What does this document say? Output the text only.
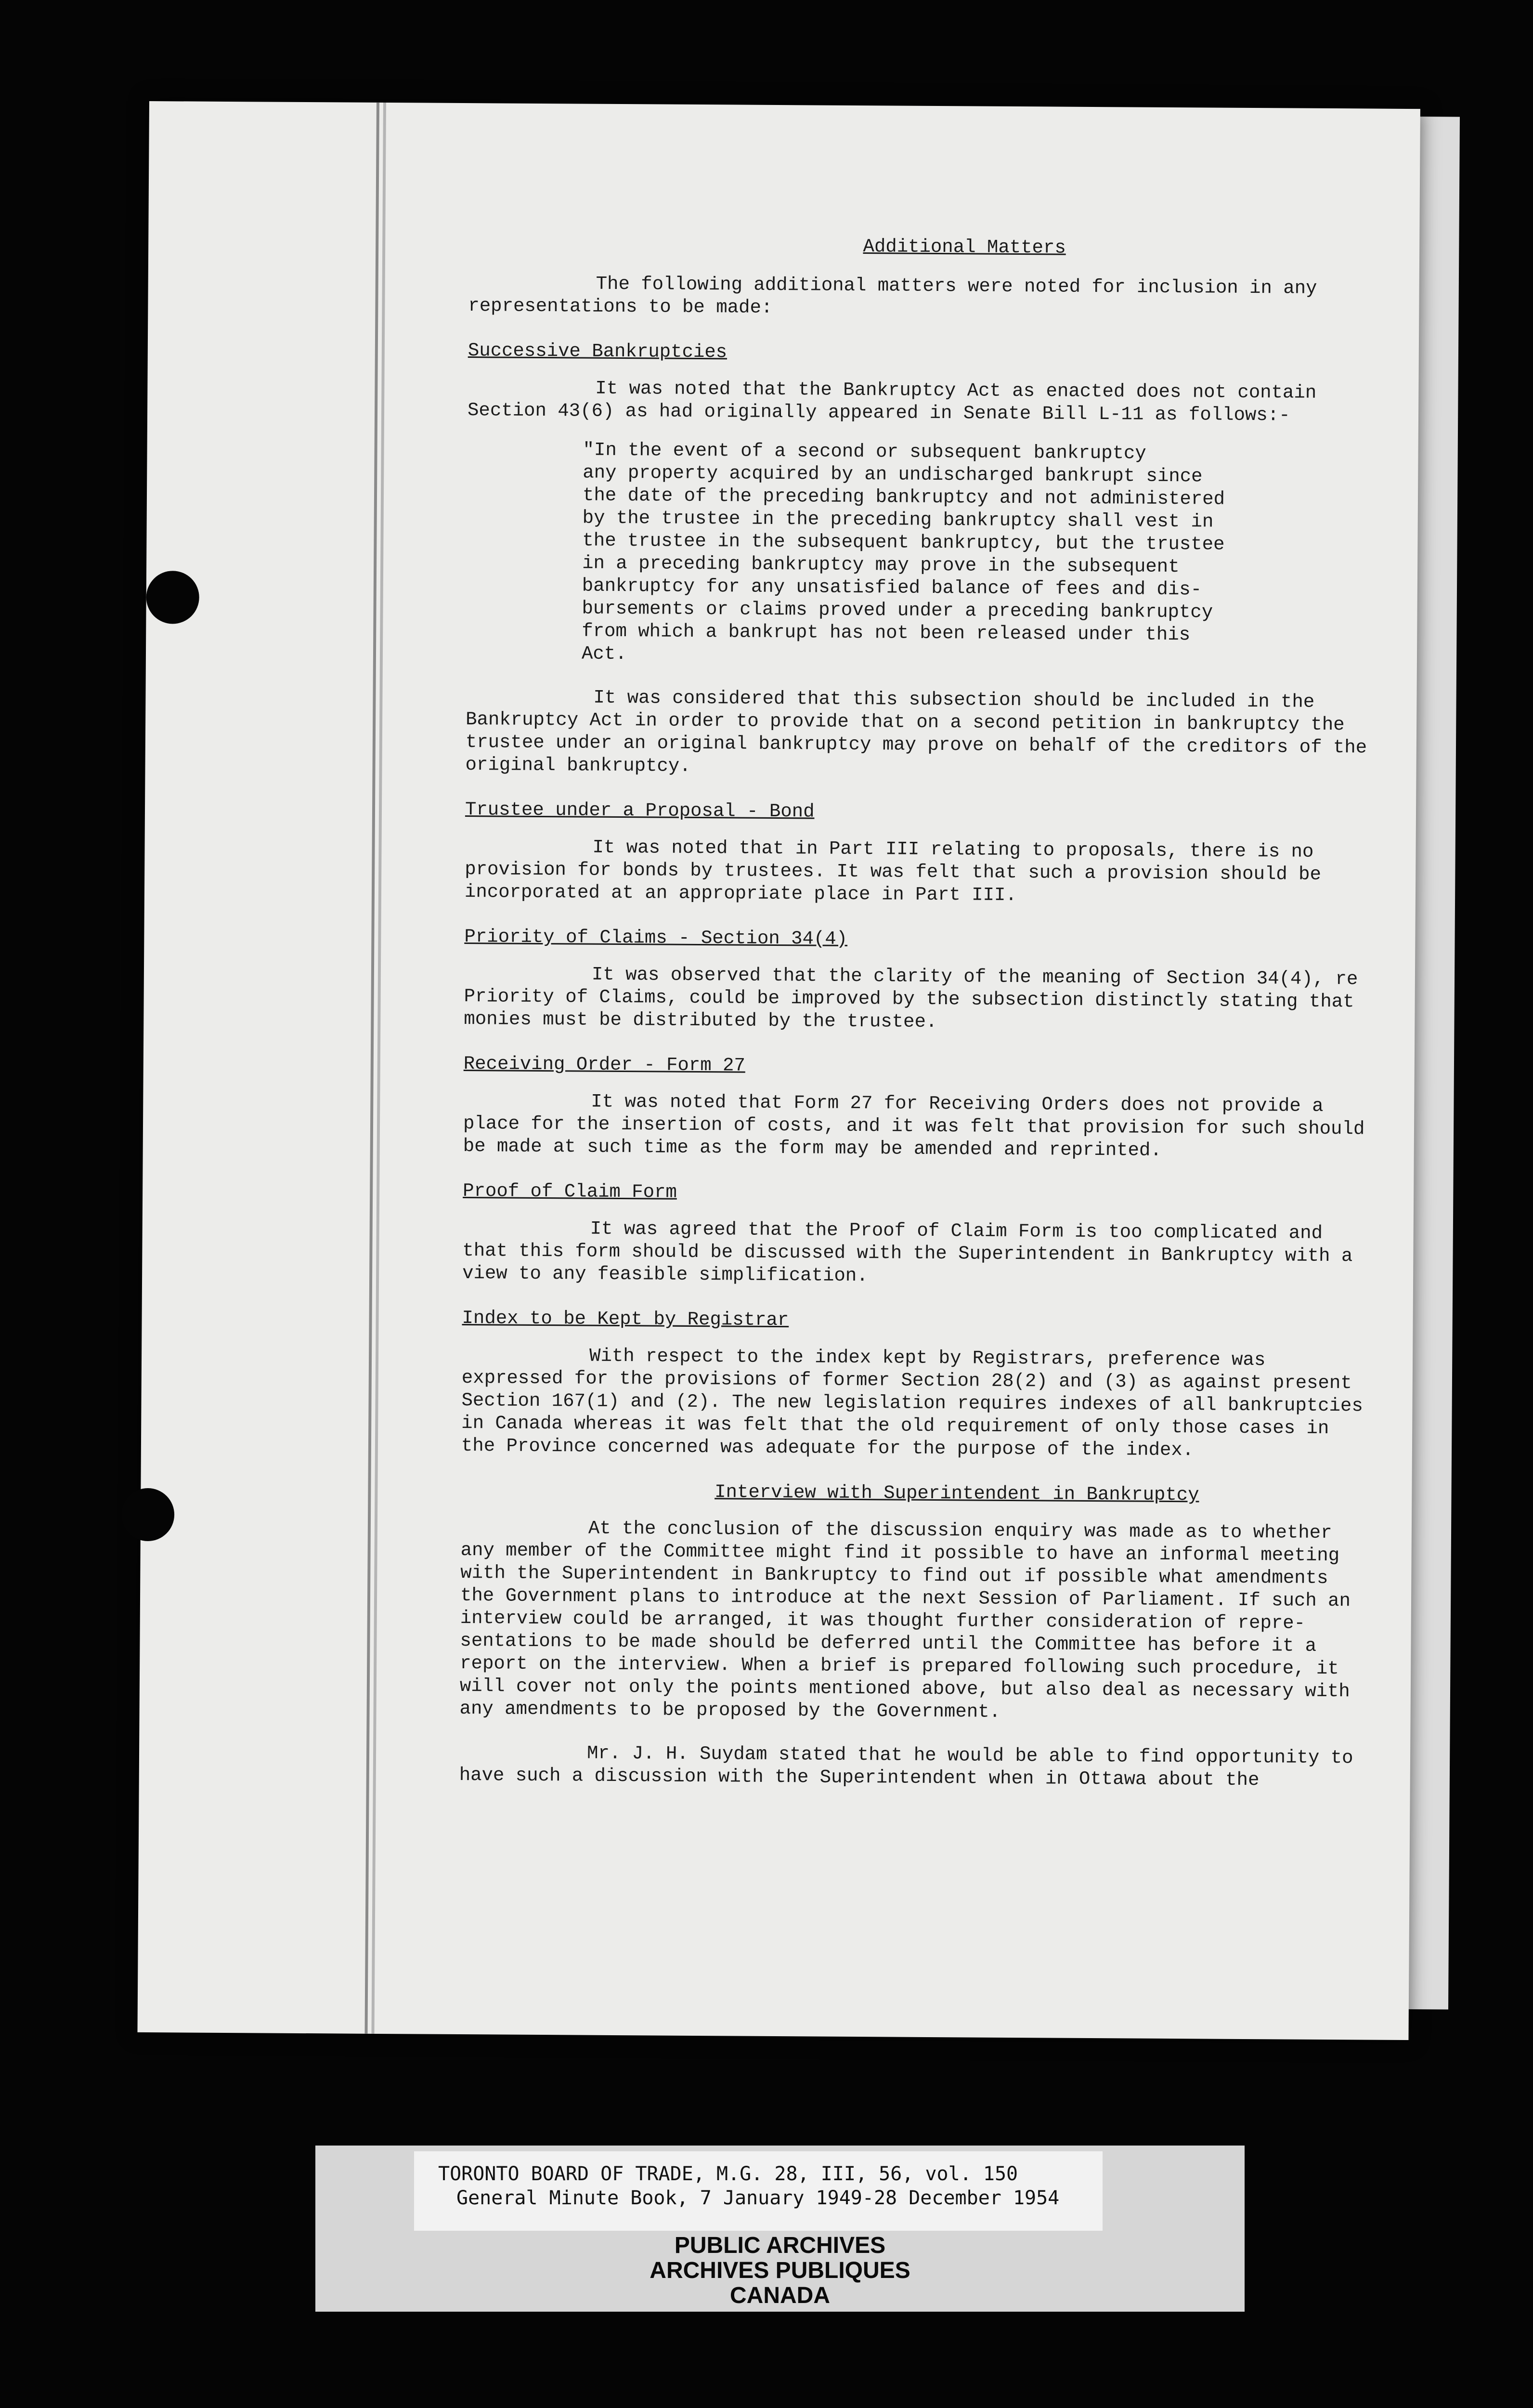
Additional Matters

The following additional matters were noted for inclusion in any representations to be made:

Successive Bankruptcies

It was noted that the Bankruptcy Act as enacted does not contain Section 43(6) as had originally appeared in Senate Bill L-11 as follows:-

"In the event of a second or subsequent bankruptcy

any property acquired by an undischarged bankrupt since

the date of the preceding bankruptcy and not administered

by the trustee in the preceding bankruptcy shall vest in

the trustee in the subsequent bankruptcy, but the trustee

in a preceding bankruptcy may prove in the subsequent

bankruptcy for any unsatisfied balance of fees and dis-

bursements or claims proved under a preceding bankruptcy

from which a bankrupt has not been released under this

Act.

It was considered that this subsection should be included in the Bankruptcy Act in order to provide that on a second petition in bankruptcy the trustee under an original bankruptcy may prove on behalf of the creditors of the original bankruptcy.

Trustee under a Proposal - Bond

It was noted that in Part III relating to proposals, there is no provision for bonds by trustees. It was felt that such a provision should be incorporated at an appropriate place in Part III.

Priority of Claims - Section 34(4)

It was observed that the clarity of the meaning of Section 34(4), re Priority of Claims, could be improved by the subsection distinctly stating that monies must be distributed by the trustee.

Receiving Order - Form 27

It was noted that Form 27 for Receiving Orders does not provide a place for the insertion of costs, and it was felt that provision for such should be made at such time as the form may be amended and reprinted.

Proof of Claim Form

It was agreed that the Proof of Claim Form is too complicated and that this form should be discussed with the Superintendent in Bankruptcy with a view to any feasible simplification.

Index to be Kept by Registrar

With respect to the index kept by Registrars, preference was expressed for the provisions of former Section 28(2) and (3) as against present Section 167(1) and (2). The new legislation requires indexes of all bankruptcies in Canada whereas it was felt that the old requirement of only those cases in the Province concerned was adequate for the purpose of the index.

Interview with Superintendent in Bankruptcy

At the conclusion of the discussion enquiry was made as to whether any member of the Committee might find it possible to have an informal meeting with the Superintendent in Bankruptcy to find out if possible what amendments the Government plans to introduce at the next Session of Parliament. If such an interview could be arranged, it was thought further consideration of repre- sentations to be made should be deferred until the Committee has before it a report on the interview. When a brief is prepared following such procedure, it will cover not only the points mentioned above, but also deal as necessary with any amendments to be proposed by the Government.

Mr. J. H. Suydam stated that he would be able to find opportunity to have such a discussion with the Superintendent when in Ottawa about the

TORONTO BOARD OF TRADE, M.G. 28, III, 56, vol. 150

General Minute Book, 7 January 1949-28 December 1954

PUBLIC ARCHIVES

ARCHIVES PUBLIQUES

CANADA
